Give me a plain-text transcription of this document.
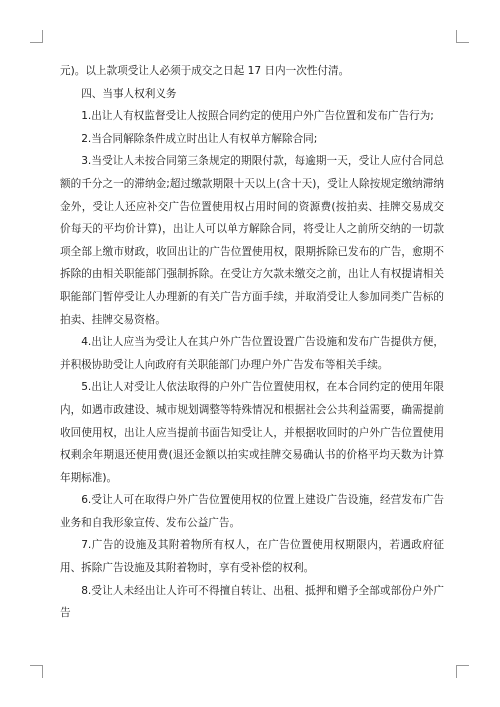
元)。以上款项受让人必须于成交之日起 17 日内一次性付清。

四、当事人权利义务

1.出让人有权监督受让人按照合同约定的使用户外广告位置和发布广告行为;

2.当合同解除条件成立时出让人有权单方解除合同;

3.当受让人未按合同第三条规定的期限付款，每逾期一天，受让人应付合同总额的千分之一的滞纳金;超过缴款期限十天以上(含十天)，受让人除按规定缴纳滞纳金外，受让人还应补交广告位置使用权占用时间的资源费(按拍卖、挂牌交易成交价每天的平均价计算)，出让人可以单方解除合同，将受让人之前所交纳的一切款项全部上缴市财政，收回出让的广告位置使用权，限期拆除已发布的广告，愈期不拆除的由相关职能部门强制拆除。在受让方欠款未缴交之前，出让人有权提请相关职能部门暂停受让人办理新的有关广告方面手续，并取消受让人参加同类广告标的拍卖、挂牌交易资格。

4.出让人应当为受让人在其户外广告位置设置广告设施和发布广告提供方便，并积极协助受让人向政府有关职能部门办理户外广告发布等相关手续。

5.出让人对受让人依法取得的户外广告位置使用权，在本合同约定的使用年限内，如遇市政建设、城市规划调整等特殊情况和根据社会公共利益需要，确需提前收回使用权，出让人应当提前书面告知受让人，并根据收回时的户外广告位置使用权剩余年期退还使用费(退还金额以拍实或挂牌交易确认书的价格平均天数为计算年期标准)。

6.受让人可在取得户外广告位置使用权的位置上建设广告设施，经营发布广告业务和自我形象宣传、发布公益广告。

7.广告的设施及其附着物所有权人，在广告位置使用权期限内，若遇政府征用、拆除广告设施及其附着物时，享有受补偿的权利。

8.受让人未经出让人许可不得擅自转让、出租、抵押和赠予全部或部份户外广告
